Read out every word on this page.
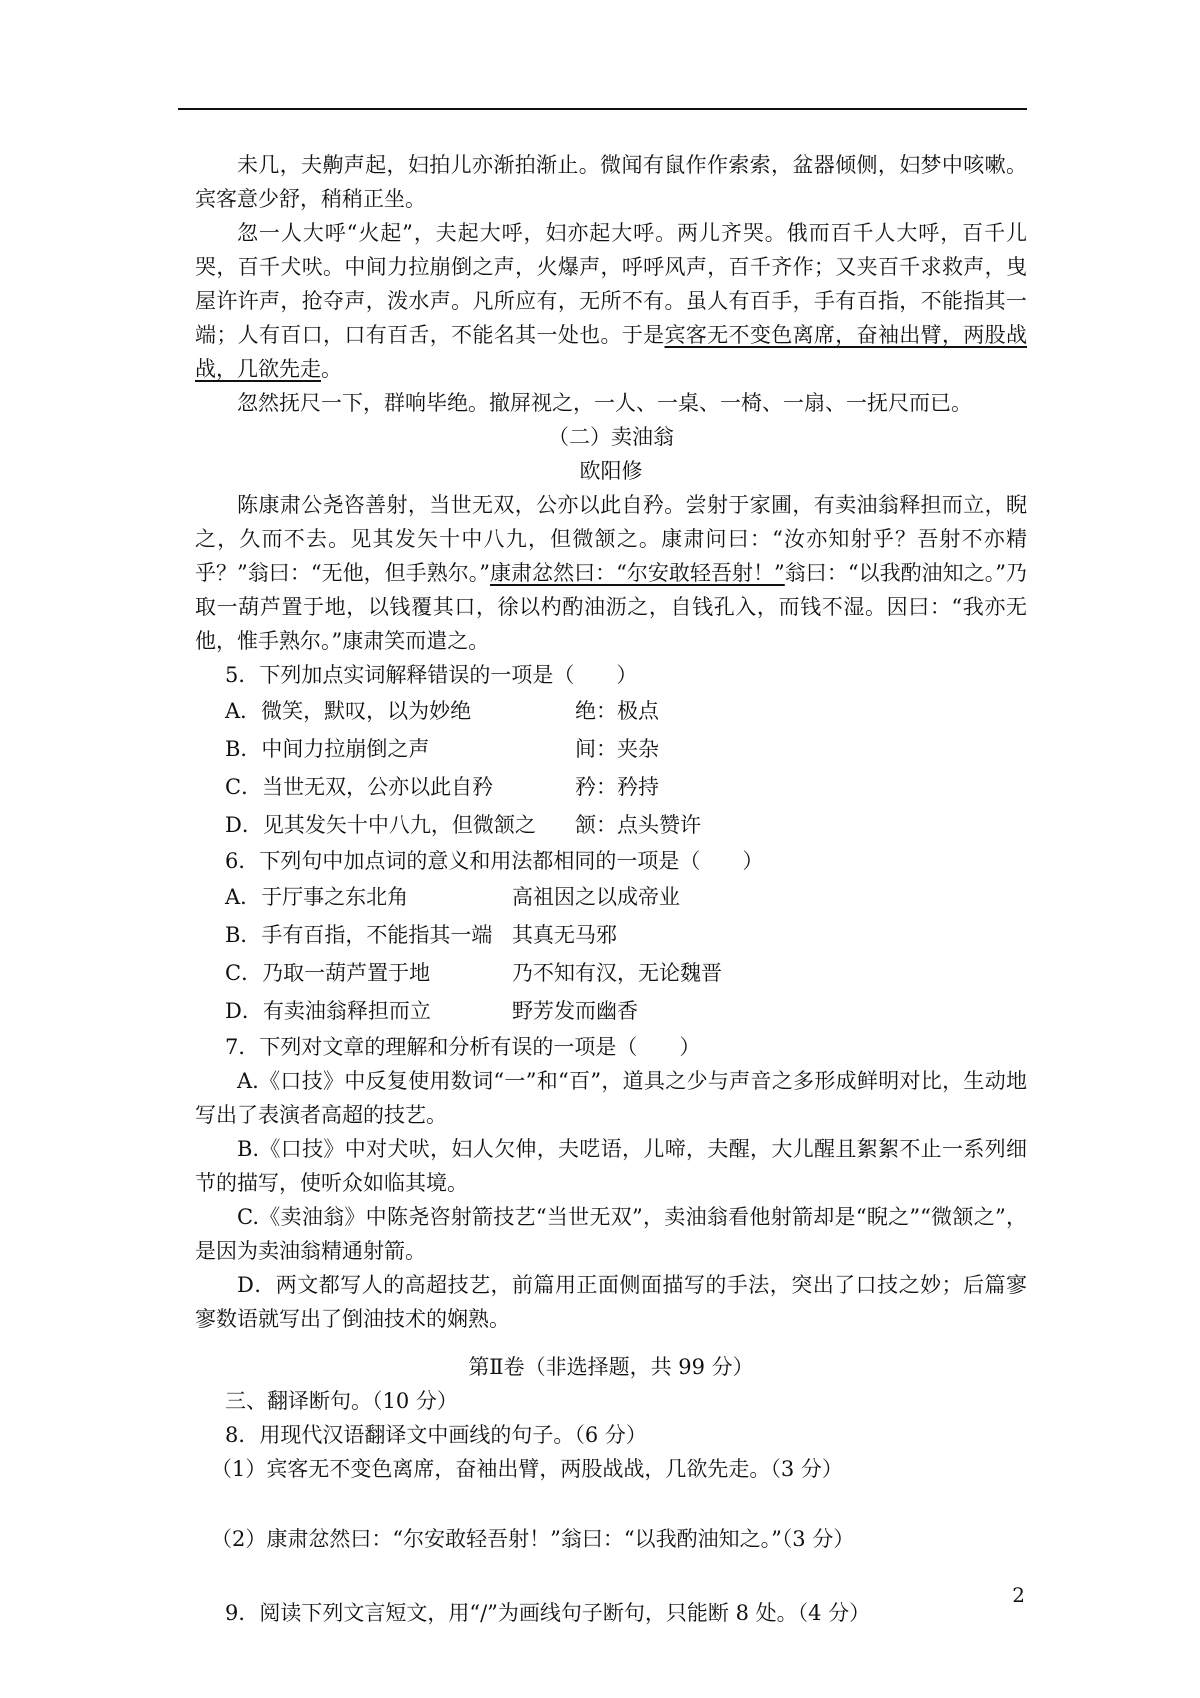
未几，夫齁声起，妇拍儿亦渐拍渐止。微闻有鼠作作索索，盆器倾侧，妇梦中咳嗽。宾客意少舒，稍稍正坐。

忽一人大呼“火起”，夫起大呼，妇亦起大呼。两儿齐哭。俄而百千人大呼，百千儿哭，百千犬吠。中间力拉崩倒之声，火爆声，呼呼风声，百千齐作；又夹百千求救声，曳屋许许声，抢夺声，泼水声。凡所应有，无所不有。虽人有百手，手有百指，不能指其一端；人有百口，口有百舌，不能名其一处也。于是宾客无不变色离席，奋袖出臂，两股战战，几欲先走。

忽然抚尺一下，群响毕绝。撤屏视之，一人、一桌、一椅、一扇、一抚尺而已。

（二）卖油翁

欧阳修

陈康肃公尧咨善射，当世无双，公亦以此自矜。尝射于家圃，有卖油翁释担而立，睨之，久而不去。见其发矢十中八九，但微颔之。康肃问曰：“汝亦知射乎？吾射不亦精乎？”翁曰：“无他，但手熟尔。”康肃忿然曰：“尔安敢轻吾射！”翁曰：“以我酌油知之。”乃取一葫芦置于地，以钱覆其口，徐以杓酌油沥之，自钱孔入，而钱不湿。因曰：“我亦无他，惟手熟尔。”康肃笑而遣之。

5．下列加点实词解释错误的一项是（　　）

A．微笑，默叹，以为妙绝	绝：极点
B．中间力拉崩倒之声	间：夹杂
C．当世无双，公亦以此自矜	矜：矜持
D．见其发矢十中八九，但微颔之	颔：点头赞许

6．下列句中加点词的意义和用法都相同的一项是（　　）

A．于厅事之东北角	高祖因之以成帝业
B．手有百指，不能指其一端 其真无马邪
C．乃取一葫芦置于地	乃不知有汉，无论魏晋
D．有卖油翁释担而立	野芳发而幽香

7．下列对文章的理解和分析有误的一项是（　　）

A.《口技》中反复使用数词“一”和“百”，道具之少与声音之多形成鲜明对比，生动地写出了表演者高超的技艺。

B.《口技》中对犬吠，妇人欠伸，夫呓语，儿啼，夫醒，大儿醒且絮絮不止一系列细节的描写，使听众如临其境。

C.《卖油翁》中陈尧咨射箭技艺“当世无双”，卖油翁看他射箭却是“睨之”“微颔之”，是因为卖油翁精通射箭。

D．两文都写人的高超技艺，前篇用正面侧面描写的手法，突出了口技之妙；后篇寥寥数语就写出了倒油技术的娴熟。

第Ⅱ卷（非选择题，共 99 分）

三、翻译断句。（10 分）

8．用现代汉语翻译文中画线的句子。（6 分）

（1）宾客无不变色离席，奋袖出臂，两股战战，几欲先走。（3 分）

（2）康肃忿然曰：“尔安敢轻吾射！”翁曰：“以我酌油知之。”（3 分）

9．阅读下列文言短文，用“/”为画线句子断句，只能断 8 处。（4 分）

2
